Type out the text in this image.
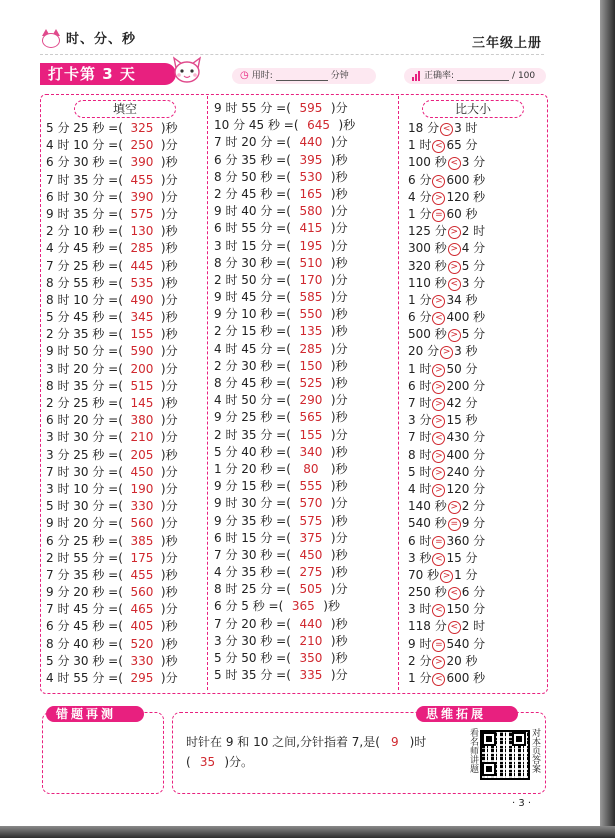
时、分、秒	三年级上册
打卡第 3 天	◷ 用时:	分钟	正确率:	/ 100
填空
5 分 25 秒 =( 325 )秒
4 时 10 分 =( 250 )分
6 分 30 秒 =( 390 )秒
7 时 35 分 =( 455 )分
6 时 30 分 =( 390 )分
9 时 35 分 =( 575 )分
2 分 10 秒 =( 130 )秒
4 分 45 秒 =( 285 )秒
7 分 25 秒 =( 445 )秒
8 分 55 秒 =( 535 )秒
8 时 10 分 =( 490 )分
5 分 45 秒 =( 345 )秒
2 分 35 秒 =( 155 )秒
9 时 50 分 =( 590 )分
3 时 20 分 =( 200 )分
8 时 35 分 =( 515 )分
2 分 25 秒 =( 145 )秒
6 时 20 分 =( 380 )分
3 时 30 分 =( 210 )分
3 分 25 秒 =( 205 )秒
7 时 30 分 =( 450 )分
3 时 10 分 =( 190 )分
5 时 30 分 =( 330 )分
9 时 20 分 =( 560 )分
6 分 25 秒 =( 385 )秒
2 时 55 分 =( 175 )分
7 分 35 秒 =( 455 )秒
9 分 20 秒 =( 560 )秒
7 时 45 分 =( 465 )分
6 分 45 秒 =( 405 )秒
8 分 40 秒 =( 520 )秒
5 分 30 秒 =( 330 )秒
4 时 55 分 =( 295 )分
9 时 55 分 =( 595 )分
10 分 45 秒 =( 645 )秒
7 时 20 分 =( 440 )分
6 分 35 秒 =( 395 )秒
8 分 50 秒 =( 530 )秒
2 分 45 秒 =( 165 )秒
9 时 40 分 =( 580 )分
6 时 55 分 =( 415 )分
3 时 15 分 =( 195 )分
8 分 30 秒 =( 510 )秒
2 时 50 分 =( 170 )分
9 时 45 分 =( 585 )分
9 分 10 秒 =( 550 )秒
2 分 15 秒 =( 135 )秒
4 时 45 分 =( 285 )分
2 分 30 秒 =( 150 )秒
8 分 45 秒 =( 525 )秒
4 时 50 分 =( 290 )分
9 分 25 秒 =( 565 )秒
2 时 35 分 =( 155 )分
5 分 40 秒 =( 340 )秒
1 分 20 秒 =( 80 )秒
9 分 15 秒 =( 555 )秒
9 时 30 分 =( 570 )分
9 分 35 秒 =( 575 )秒
6 时 15 分 =( 375 )分
7 分 30 秒 =( 450 )秒
4 分 35 秒 =( 275 )秒
8 时 25 分 =( 505 )分
6 分 5 秒 =( 365 )秒
7 分 20 秒 =( 440 )秒
3 分 30 秒 =( 210 )秒
5 分 50 秒 =( 350 )秒
5 时 35 分 =( 335 )分
比大小
18 分 < 3 时
1 时 < 65 分
100 秒 < 3 分
6 分 < 600 秒
4 分 > 120 秒
1 分 = 60 秒
125 分 > 2 时
300 秒 > 4 分
320 秒 > 5 分
110 秒 < 3 分
1 分 > 34 秒
6 分 < 400 秒
500 秒 > 5 分
20 分 > 3 秒
1 时 > 50 分
6 时 > 200 分
7 时 > 42 分
3 分 > 15 秒
7 时 < 430 分
8 时 > 400 分
5 时 > 240 分
4 时 > 120 分
140 秒 > 2 分
540 秒 = 9 分
6 时 = 360 分
3 秒 < 15 分
70 秒 > 1 分
250 秒 < 6 分
3 时 < 150 分
118 分 < 2 时
9 时 = 540 分
2 分 > 20 秒
1 分 < 600 秒
错题再测	思维拓展
时针在 9 和 10 之间,分针指着 7,是( 9 )时
( 35 )分。	看名师讲题	对本页答案
· 3 ·
